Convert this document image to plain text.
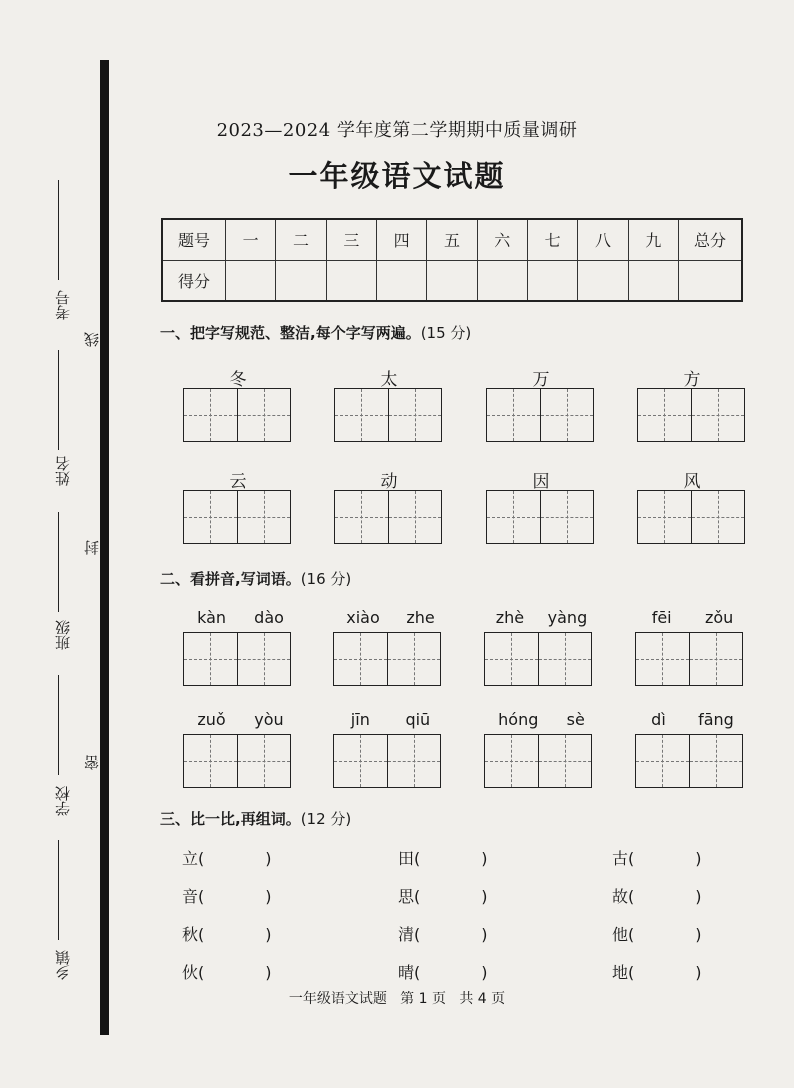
考号
姓名
班级
学校
乡镇
线
封
密
2023—2024 学年度第二学期期中质量调研
一年级语文试题
题号	一	二	三	四	五	六	七	八	九	总分
得分										
一、把字写规范、整洁,每个字写两遍。(15 分)
冬	太	万	方
云	动	因	风
二、看拼音,写词语。(16 分)
kàn dào	xiào zhe	zhè yàng	fēi zǒu
zuǒ yòu	jīn qiū	hóng sè	dì fāng
三、比一比,再组词。(12 分)
立(            )	田(            )	古(            )
音(            )	思(            )	故(            )
秋(            )	清(            )	他(            )
伙(            )	晴(            )	地(            )
一年级语文试题   第 1 页   共 4 页
